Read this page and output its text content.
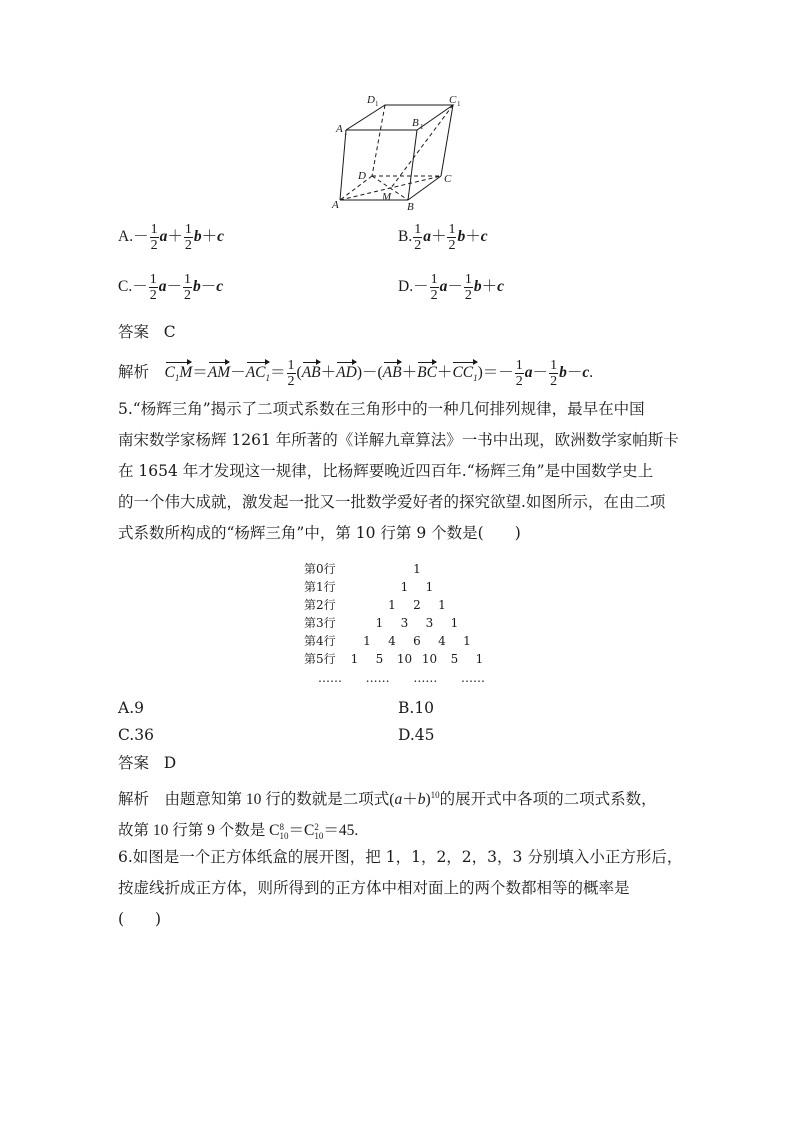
D 1	C 1
A 1
B 1
D	C
A
M
B
$A.- \frac{1}{2} a+ \frac{1}{2} b+c$	B. $\frac{1}{2} a+ \frac{1}{2} b+c$
$C.- \frac{1}{2} a- \frac{1}{2} b-c$	$D.- \frac{1}{2} a- \frac{1}{2} b+c$
答案 C
解析 $C_1M=AM-AC_1= \frac{1}{2} (AB+AD)-(AB+BC+CC_1)=- \frac{1}{2} a- \frac{1}{2} b-c$.
5.“杨辉三角”揭示了二项式系数在三角形中的一种几何排列规律，最早在中国
南宋数学家杨辉 1261 年所著的《详解九章算法》一书中出现，欧洲数学家帕斯卡
在 1654 年才发现这一规律，比杨辉要晚近四百年.“杨辉三角”是中国数学史上
的一个伟大成就，激发起一批又一批数学爱好者的探究欲望.如图所示，在由二项
式系数所构成的“杨辉三角”中，第 10 行第 9 个数是(　　)
第0行	1
第1行	1	1
第2行	1	2	1
第3行	1	3	3	1
第4行	1	4	6	4	1
第5行	1	5	10 10	5	1
…… …… …… ……
A.9	B.10
C.36	D.45
答案 D
解析 由题意知第 10 行的数就是二项式$(a+b)^{10}$的展开式中各项的二项式系数，
故第 10 行第 9 个数是 C 8
10 ＝C 2
10 ＝45.
6.如图是一个正方体纸盒的展开图，把 1，1，2，2，3，3 分别填入小正方形后，
按虚线折成正方体，则所得到的正方体中相对面上的两个数都相等的概率是
(　　)
